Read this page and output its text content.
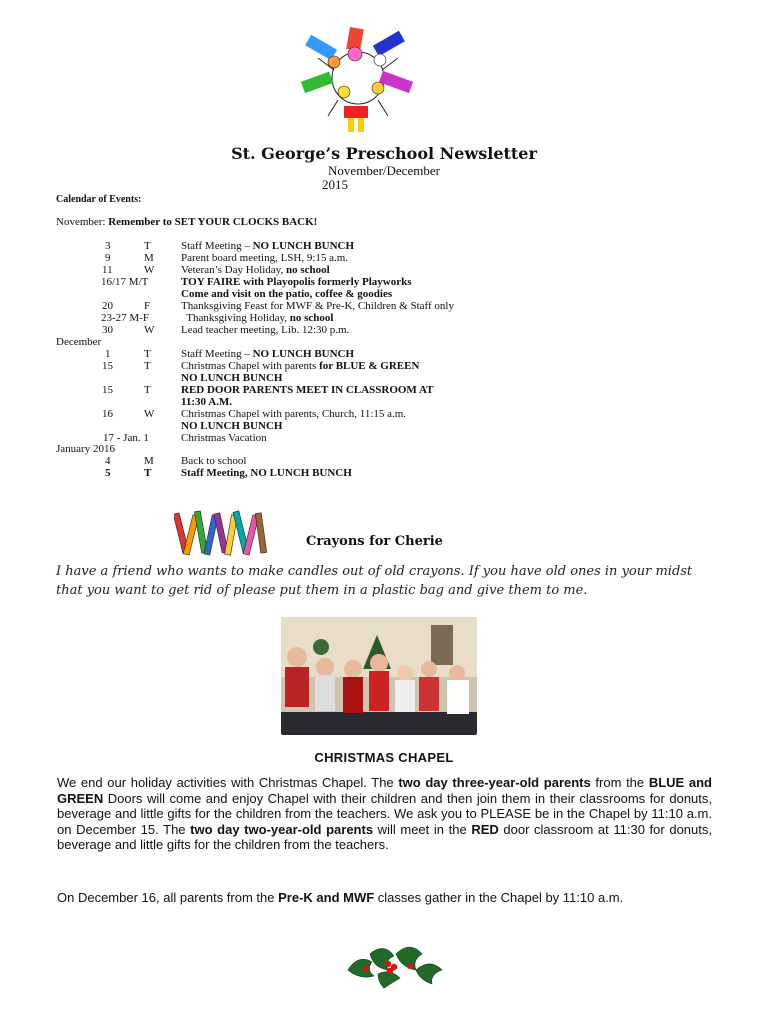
St. George’s Preschool Newsletter
November/December
2015
Calendar of Events:
November: Remember to SET YOUR CLOCKS BACK!
December
January 2016
3	T	Staff Meeting – NO LUNCH BUNCH
9	M Parent board meeting, LSH, 9:15 a.m.
11	W Veteran’s Day Holiday, no school
16/17 M/T	TOY FAIRE with Playopolis formerly Playworks
Come and visit on the patio, coffee & goodies
20	F	Thanksgiving Feast for MWF & Pre-K, Children & Staff only
23-27 M-F	Thanksgiving Holiday, no school
30	W Lead teacher meeting, Lib. 12:30 p.m.
1	T	Staff Meeting – NO LUNCH BUNCH
15	T	Christmas Chapel with parents for BLUE & GREEN
NO LUNCH BUNCH
15	T	RED DOOR PARENTS MEET IN CLASSROOM AT
11:30 A.M.
16	W Christmas Chapel with parents, Church, 11:15 a.m.
NO LUNCH BUNCH
17 - Jan. 1	Christmas Vacation
4	M Back to school
5	T	Staff Meeting, NO LUNCH BUNCH
Crayons for Cherie
I have a friend who wants to make candles out of old crayons. If you have old ones in your midst that you want to get rid of please put them in a plastic bag and give them to me.
CHRISTMAS CHAPEL
We end our holiday activities with Christmas Chapel. The two day three-year-old parents from the BLUE and GREEN Doors will come and enjoy Chapel with their children and then join them in their classrooms for donuts, beverage and little gifts for the children from the teachers. We ask you to PLEASE be in the Chapel by 11:10 a.m. on December 15. The two day two-year-old parents will meet in the RED door classroom at 11:30 for donuts, beverage and little gifts for the children from the teachers.
On December 16, all parents from the Pre-K and MWF classes gather in the Chapel by 11:10 a.m.
